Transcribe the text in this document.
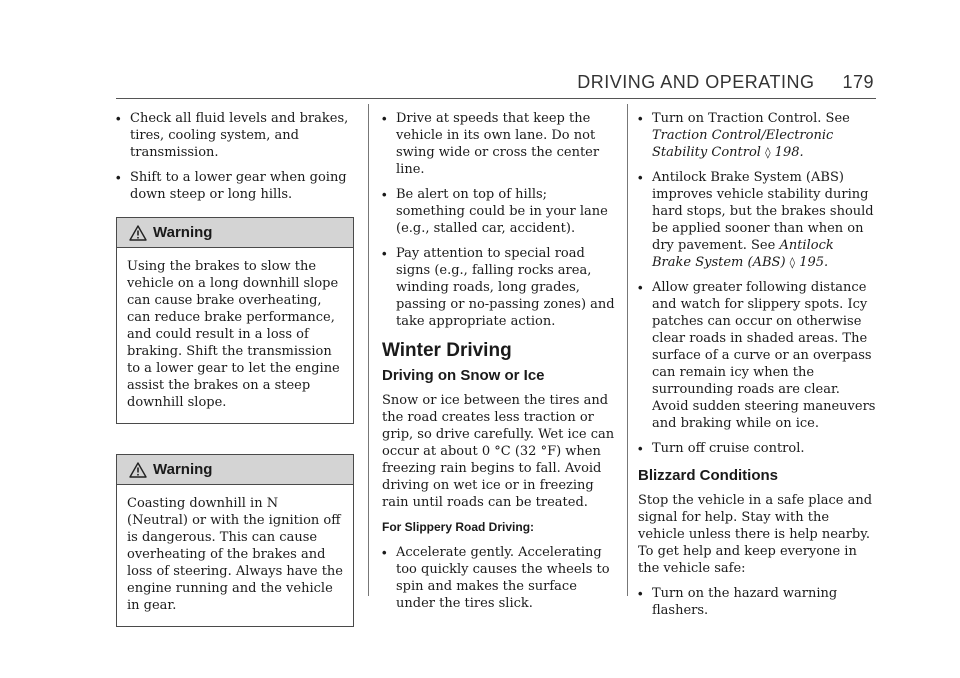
DRIVING AND OPERATING 179
• Check all fluid levels and brakes, tires, cooling system, and transmission.
• Shift to a lower gear when going down steep or long hills.
Warning
Using the brakes to slow the vehicle on a long downhill slope can cause brake overheating, can reduce brake performance, and could result in a loss of braking. Shift the transmission to a lower gear to let the engine assist the brakes on a steep downhill slope.
Warning
Coasting downhill in N (Neutral) or with the ignition off is dangerous. This can cause overheating of the brakes and loss of steering. Always have the engine running and the vehicle in gear.
• Drive at speeds that keep the vehicle in its own lane. Do not swing wide or cross the center line.
• Be alert on top of hills; something could be in your lane (e.g., stalled car, accident).
• Pay attention to special road signs (e.g., falling rocks area, winding roads, long grades, passing or no-passing zones) and take appropriate action.
Winter Driving
Driving on Snow or Ice

Snow or ice between the tires and the road creates less traction or grip, so drive carefully. Wet ice can occur at about 0 °C (32 °F) when freezing rain begins to fall. Avoid driving on wet ice or in freezing rain until roads can be treated.

For Slippery Road Driving:
• Accelerate gently. Accelerating too quickly causes the wheels to spin and makes the surface under the tires slick.
• Turn on Traction Control. See Traction Control/Electronic Stability Control ◊ 198.
• Antilock Brake System (ABS) improves vehicle stability during hard stops, but the brakes should be applied sooner than when on dry pavement. See Antilock Brake System (ABS) ◊ 195.
• Allow greater following distance and watch for slippery spots. Icy patches can occur on otherwise clear roads in shaded areas. The surface of a curve or an overpass can remain icy when the surrounding roads are clear. Avoid sudden steering maneuvers and braking while on ice.
• Turn off cruise control.
Blizzard Conditions

Stop the vehicle in a safe place and signal for help. Stay with the vehicle unless there is help nearby. To get help and keep everyone in the vehicle safe:

• Turn on the hazard warning flashers.
